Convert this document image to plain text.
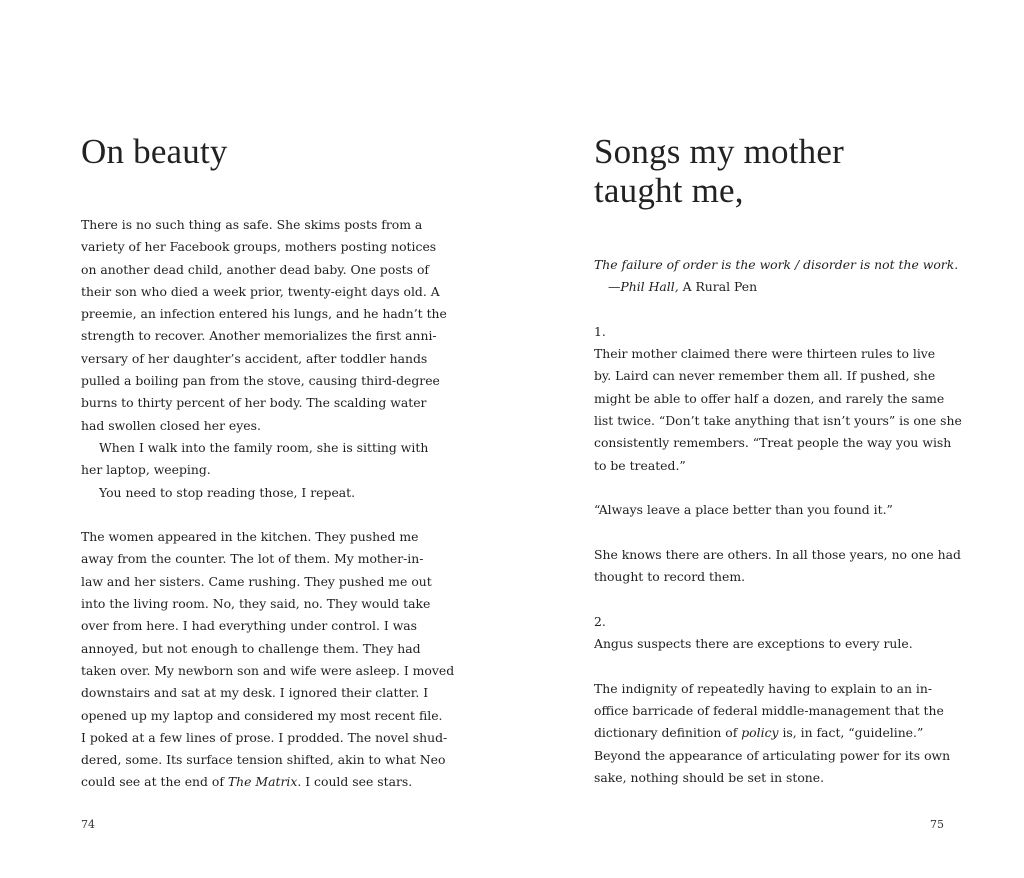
On beauty
There is no such thing as safe. She skims posts from a
variety of her Facebook groups, mothers posting notices
on another dead child, another dead baby. One posts of
their son who died a week prior, twenty-eight days old. A
preemie, an infection entered his lungs, and he hadn’t the
strength to recover. Another memorializes the first anni-
versary of her daughter’s accident, after toddler hands
pulled a boiling pan from the stove, causing third-degree
burns to thirty percent of her body. The scalding water
had swollen closed her eyes.
When I walk into the family room, she is sitting with
her laptop, weeping.
You need to stop reading those, I repeat.
The women appeared in the kitchen. They pushed me
away from the counter. The lot of them. My mother-in-
law and her sisters. Came rushing. They pushed me out
into the living room. No, they said, no. They would take
over from here. I had everything under control. I was
annoyed, but not enough to challenge them. They had
taken over. My newborn son and wife were asleep. I moved
downstairs and sat at my desk. I ignored their clatter. I
opened up my laptop and considered my most recent file.
I poked at a few lines of prose. I prodded. The novel shud-
dered, some. Its surface tension shifted, akin to what Neo
could see at the end of The Matrix. I could see stars.
74
Songs my mother
taught me,
The failure of order is the work / disorder is not the work.
—Phil Hall, A Rural Pen
1.
Their mother claimed there were thirteen rules to live
by. Laird can never remember them all. If pushed, she
might be able to offer half a dozen, and rarely the same
list twice. “Don’t take anything that isn’t yours” is one she
consistently remembers. “Treat people the way you wish
to be treated.”
“Always leave a place better than you found it.”
She knows there are others. In all those years, no one had
thought to record them.
2.
Angus suspects there are exceptions to every rule.
The indignity of repeatedly having to explain to an in-
office barricade of federal middle-management that the
dictionary definition of policy is, in fact, “guideline.”
Beyond the appearance of articulating power for its own
sake, nothing should be set in stone.
75
